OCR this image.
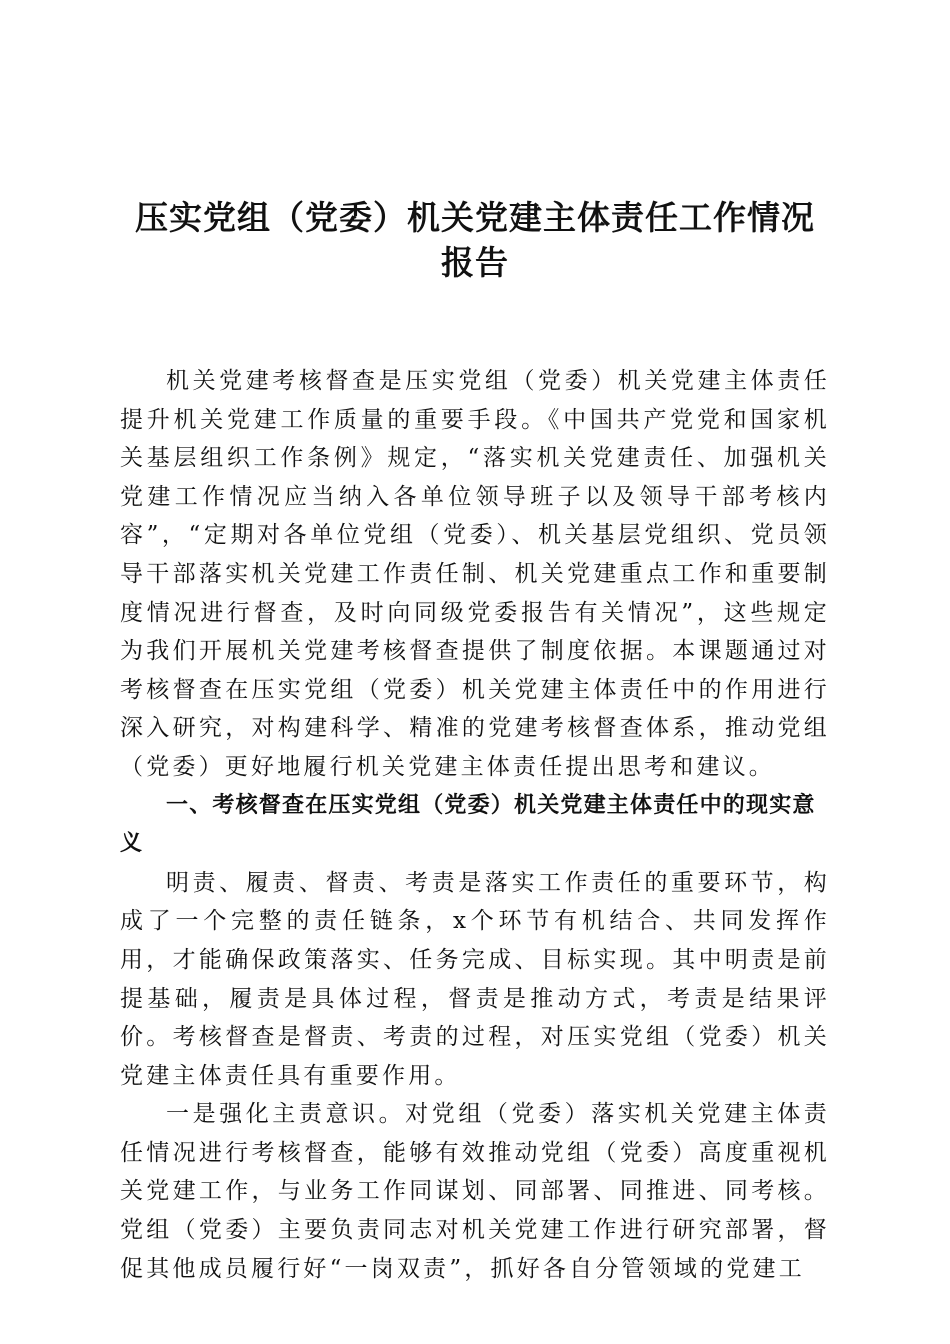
压实党组（党委）机关党建主体责任工作情况
报告

机关党建考核督查是压实党组（党委）机关党建主体责任提升机关党建工作质量的重要手段。《中国共产党党和国家机关基层组织工作条例》规定，“落实机关党建责任、加强机关党建工作情况应当纳入各单位领导班子以及领导干部考核内容”，“定期对各单位党组（党委）、机关基层党组织、党员领导干部落实机关党建工作责任制、机关党建重点工作和重要制度情况进行督查，及时向同级党委报告有关情况”，这些规定为我们开展机关党建考核督查提供了制度依据。本课题通过对考核督查在压实党组（党委）机关党建主体责任中的作用进行深入研究，对构建科学、精准的党建考核督查体系，推动党组（党委）更好地履行机关党建主体责任提出思考和建议。

一、考核督查在压实党组（党委）机关党建主体责任中的现实意义

明责、履责、督责、考责是落实工作责任的重要环节，构成了一个完整的责任链条，x个环节有机结合、共同发挥作用，才能确保政策落实、任务完成、目标实现。其中明责是前提基础，履责是具体过程，督责是推动方式，考责是结果评价。考核督查是督责、考责的过程，对压实党组（党委）机关党建主体责任具有重要作用。

一是强化主责意识。对党组（党委）落实机关党建主体责任情况进行考核督查，能够有效推动党组（党委）高度重视机关党建工作，与业务工作同谋划、同部署、同推进、同考核。党组（党委）主要负责同志对机关党建工作进行研究部署，督促其他成员履行好“一岗双责”，抓好各自分管领域的党建工
